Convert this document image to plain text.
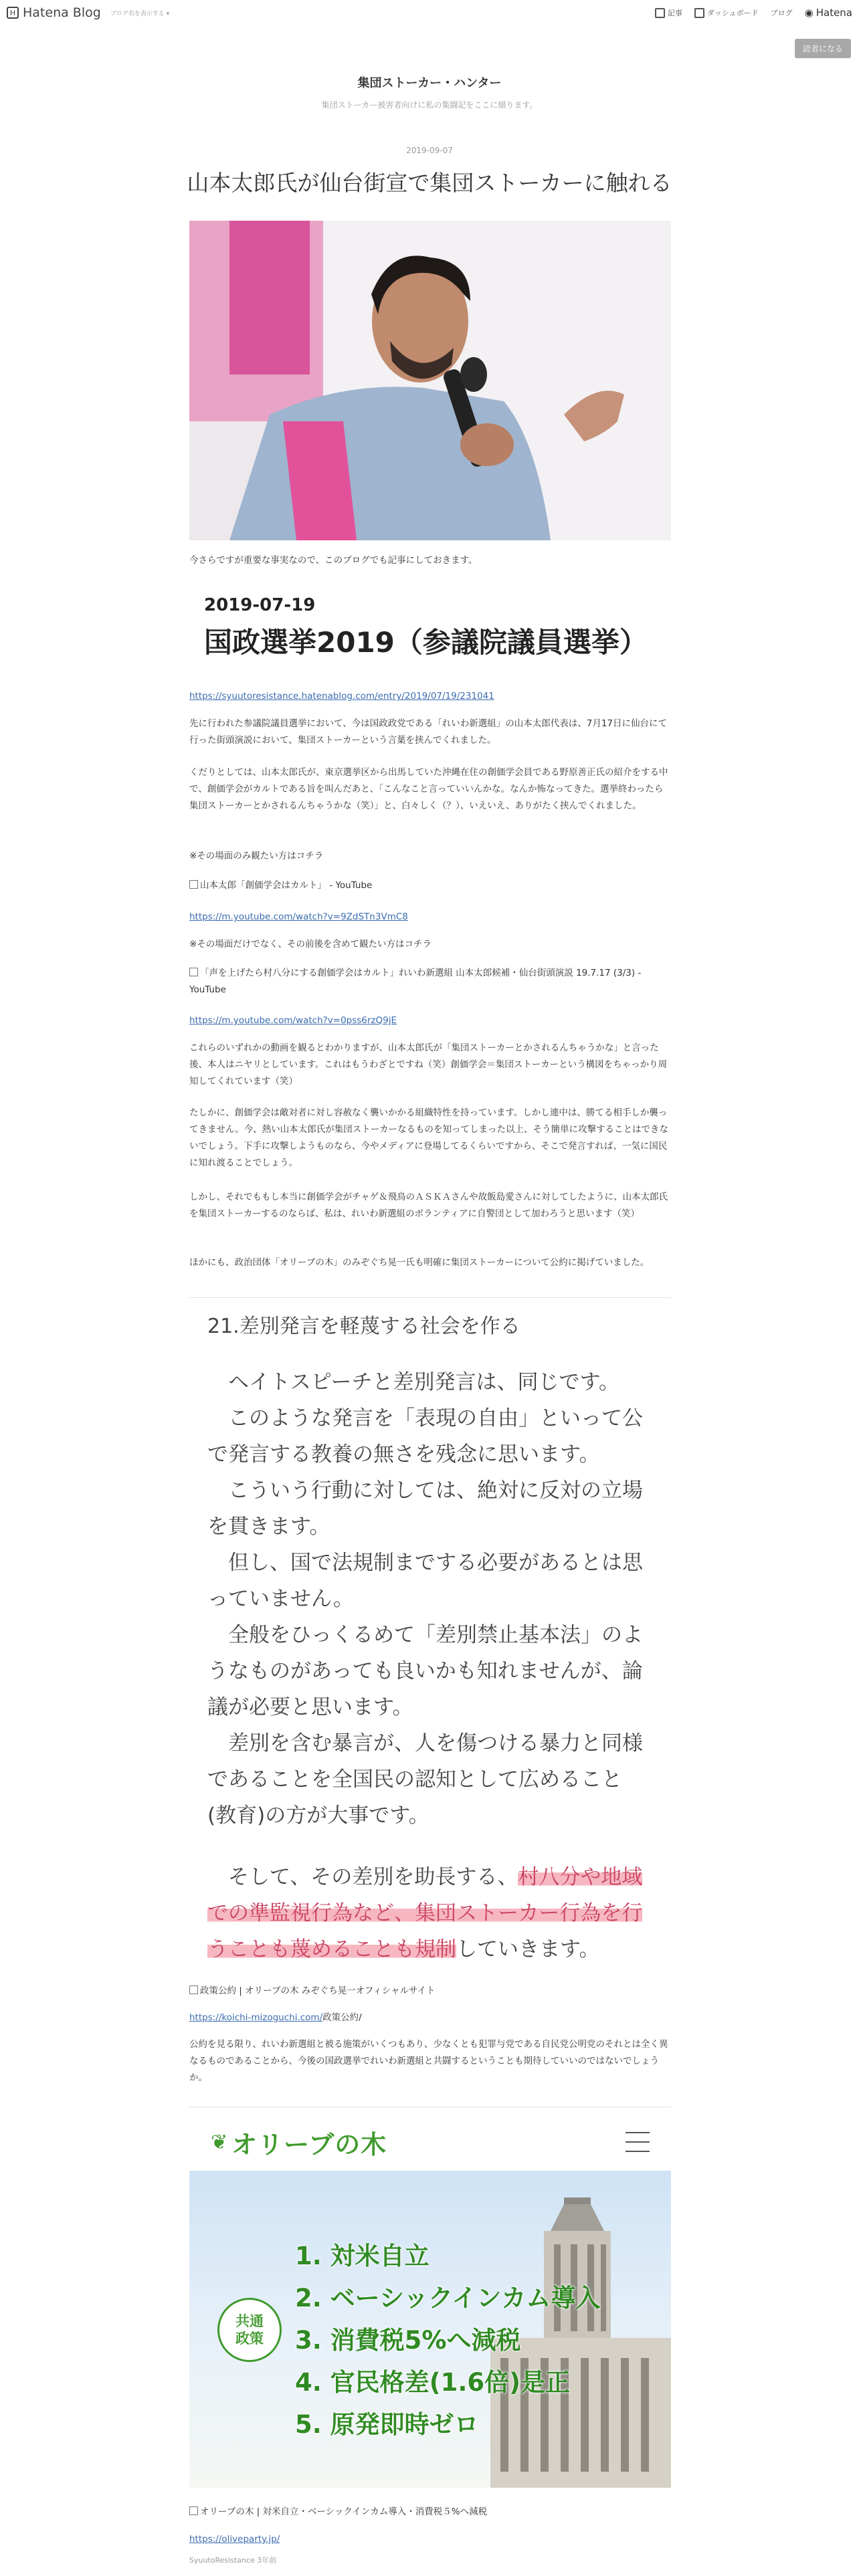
H Hatena Blog ブログ名を表示する ▾	記事	ダッシュボード ブログ ◉ Hatena
読者になる
集団ストーカー・ハンター
集団ストーカー被害者向けに私の集闘記をここに綴ります。
2019-09-07
山本太郎氏が仙台街宣で集団ストーカーに触れる

今さらですが重要な事実なので、このブログでも記事にしておきます。

2019-07-19
国政選挙2019（参議院議員選挙）
https://syuutoresistance.hatenablog.com/entry/2019/07/19/231041

先に行われた参議院議員選挙において、今は国政政党である「れいわ新選組」の山本太郎代表は、7月17日に仙台にて行った街頭演説において、集団ストーカーという言葉を挟んでくれました。

くだりとしては、山本太郎氏が、東京選挙区から出馬していた沖縄在住の創価学会員である野原善正氏の紹介をする中で、創価学会がカルトである旨を叫んだあと、「こんなこと言っていいんかな。なんか怖なってきた。選挙終わったら集団ストーカーとかされるんちゃうかな（笑）」と、白々しく（？）、いえいえ、ありがたく挟んでくれました。

※その場面のみ観たい方はコチラ

山本太郎「創価学会はカルト」 - YouTube

https://m.youtube.com/watch?v=9ZdSTn3VmC8

※その場面だけでなく、その前後を含めて観たい方はコチラ

「声を上げたら村八分にする創価学会はカルト」れいわ新選組 山本太郎候補・仙台街頭演説 19.7.17 (3/3) - YouTube

https://m.youtube.com/watch?v=0pss6rzQ9jE

これらのいずれかの動画を観るとわかりますが、山本太郎氏が「集団ストーカーとかされるんちゃうかな」と言った後、本人はニヤリとしています。これはもうわざとですね（笑）創価学会＝集団ストーカーという構図をちゃっかり周知してくれています（笑）

たしかに、創価学会は敵対者に対し容赦なく襲いかかる組織特性を持っています。しかし連中は、勝てる相手しか襲ってきません。今、熱い山本太郎氏が集団ストーカーなるものを知ってしまった以上、そう簡単に攻撃することはできないでしょう。下手に攻撃しようものなら、今やメディアに登場してるくらいですから、そこで発言すれば、一気に国民に知れ渡ることでしょう。

しかし、それでももし本当に創価学会がチャゲ＆飛鳥のＡＳＫＡさんや故飯島愛さんに対してしたように、山本太郎氏を集団ストーカーするのならば、私は、れいわ新選組のボランティアに自警団として加わろうと思います（笑）

ほかにも、政治団体「オリーブの木」のみぞぐち晃一氏も明確に集団ストーカーについて公約に掲げていました。

21.差別発言を軽蔑する社会を作る
ヘイトスピーチと差別発言は、同じです。
このような発言を「表現の自由」といって公で発言する教養の無さを残念に思います。
こういう行動に対しては、絶対に反対の立場を貫きます。
但し、国で法規制までする必要があるとは思っていません。
全般をひっくるめて「差別禁止基本法」のようなものがあっても良いかも知れませんが、論議が必要と思います。
差別を含む暴言が、人を傷つける暴力と同様であることを全国民の認知として広めること(教育)の方が大事です。
そして、その差別を助長する、村八分や地域での準監視行為など、集団ストーカー行為を行うことも蔑めることも規制していきます。

政策公約 | オリーブの木 みぞぐち晃一オフィシャルサイト

https://koichi-mizoguchi.com/政策公約/

公約を見る限り、れいわ新選組と被る施策がいくつもあり、少なくとも犯罪与党である自民党公明党のそれとは全く異なるものであることから、今後の国政選挙でれいわ新選組と共闘するということも期待していいのではないでしょうか。

❦ オリーブの木
共通
政策
1. 対米自立
2. ベーシックインカム導入
3. 消費税5%へ減税
4. 官民格差(1.6倍)是正
5. 原発即時ゼロ

オリーブの木 | 対米自立・ベーシックインカム導入・消費税５%へ減税

https://oliveparty.jp/
SyuutoResistance 3年前
